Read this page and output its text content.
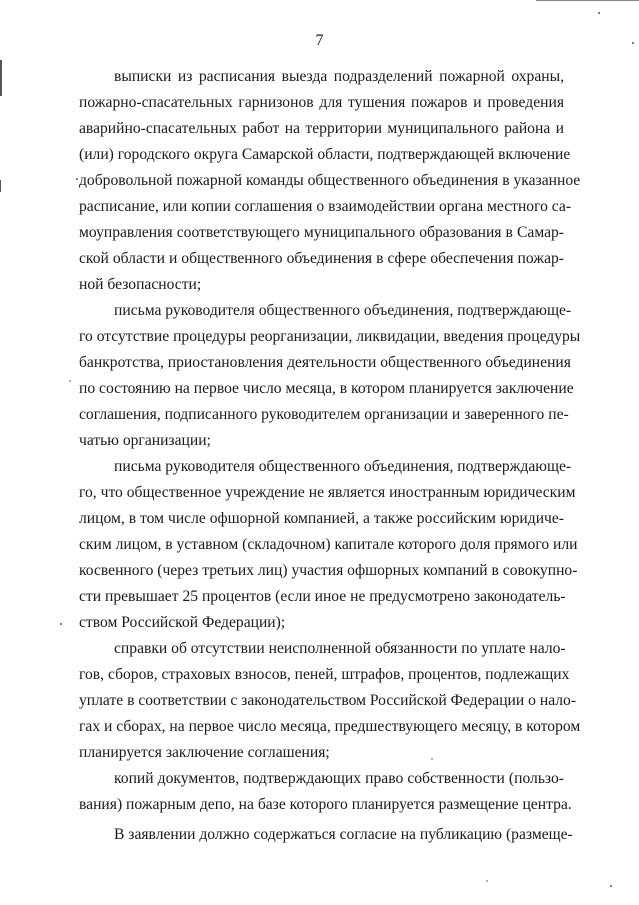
7
выписки из расписания выезда подразделений пожарной охраны,
пожарно-спасательных гарнизонов для тушения пожаров и проведения
аварийно-спасательных работ на территории муниципального района и
(или) городского округа Самарской области, подтверждающей включение
добровольной пожарной команды общественного объединения в указанное
расписание, или копии соглашения о взаимодействии органа местного са-
моуправления соответствующего муниципального образования в Самар-
ской области и общественного объединения в сфере обеспечения пожар-
ной безопасности;
письма руководителя общественного объединения, подтверждающе-
го отсутствие процедуры реорганизации, ликвидации, введения процедуры
банкротства, приостановления деятельности общественного объединения
по состоянию на первое число месяца, в котором планируется заключение
соглашения, подписанного руководителем организации и заверенного пе-
чатью организации;
письма руководителя общественного объединения, подтверждающе-
го, что общественное учреждение не является иностранным юридическим
лицом, в том числе офшорной компанией, а также российским юридиче-
ским лицом, в уставном (складочном) капитале которого доля прямого или
косвенного (через третьих лиц) участия офшорных компаний в совокупно-
сти превышает 25 процентов (если иное не предусмотрено законодатель-
ством Российской Федерации);
справки об отсутствии неисполненной обязанности по уплате нало-
гов, сборов, страховых взносов, пеней, штрафов, процентов, подлежащих
уплате в соответствии с законодательством Российской Федерации о нало-
гах и сборах, на первое число месяца, предшествующего месяцу, в котором
планируется заключение соглашения;
копий документов, подтверждающих право собственности (пользо-
вания) пожарным депо, на базе которого планируется размещение центра.
В заявлении должно содержаться согласие на публикацию (размеще-
